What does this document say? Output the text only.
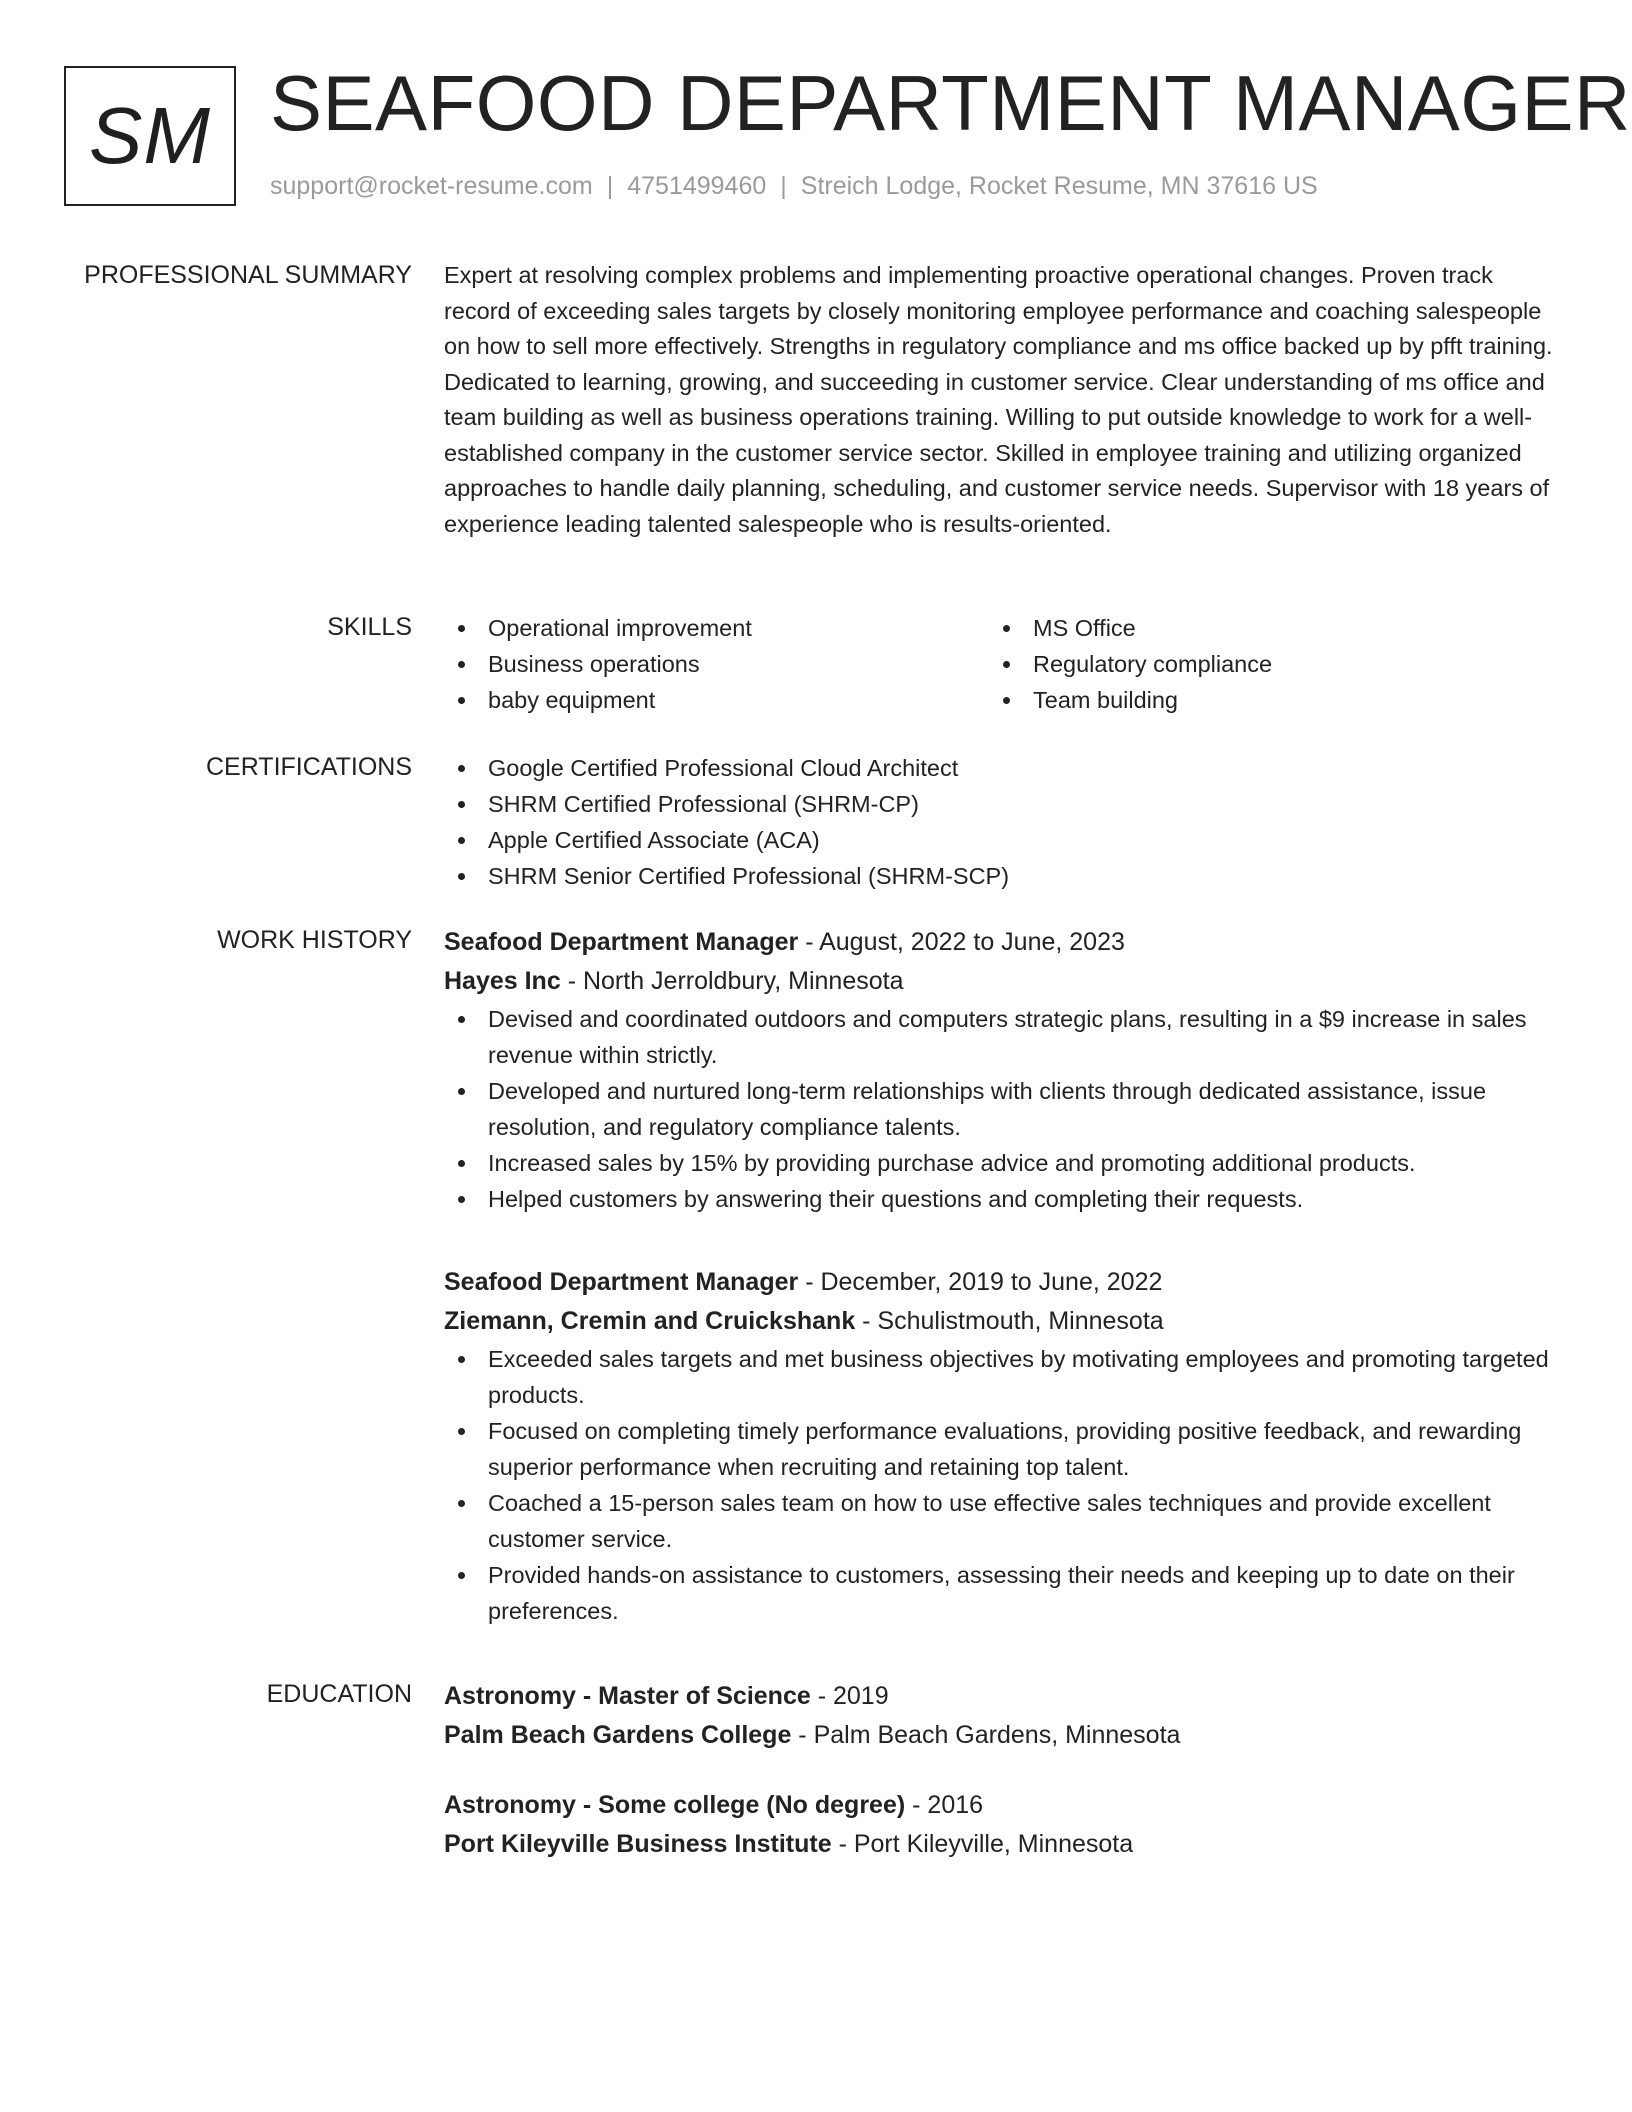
SM SEAFOOD DEPARTMENT MANAGER
support@rocket-resume.com | 4751499460 | Streich Lodge, Rocket Resume, MN 37616 US
PROFESSIONAL SUMMARY Expert at resolving complex problems and implementing proactive operational changes. Proven track record of exceeding sales targets by closely monitoring employee performance and coaching salespeople on how to sell more effectively. Strengths in regulatory compliance and ms office backed up by pfft training. Dedicated to learning, growing, and succeeding in customer service. Clear understanding of ms office and team building as well as business operations training. Willing to put outside knowledge to work for a well-established company in the customer service sector. Skilled in employee training and utilizing organized approaches to handle daily planning, scheduling, and customer service needs. Supervisor with 18 years of experience leading talented salespeople who is results-oriented.

SKILLS	Operational improvement
Business operations
baby equipment
MS Office
Regulatory compliance
Team building
CERTIFICATIONS	Google Certified Professional Cloud Architect
SHRM Certified Professional (SHRM-CP)
Apple Certified Associate (ACA)
SHRM Senior Certified Professional (SHRM-SCP)
WORK HISTORY Seafood Department Manager - August, 2022 to June, 2023
Hayes Inc - North Jerroldbury, Minnesota
Devised and coordinated outdoors and computers strategic plans, resulting in a $9 increase in sales revenue within strictly.
Developed and nurtured long-term relationships with clients through dedicated assistance, issue resolution, and regulatory compliance talents.
Increased sales by 15% by providing purchase advice and promoting additional products.
Helped customers by answering their questions and completing their requests.
Seafood Department Manager - December, 2019 to June, 2022
Ziemann, Cremin and Cruickshank - Schulistmouth, Minnesota
Exceeded sales targets and met business objectives by motivating employees and promoting targeted products.
Focused on completing timely performance evaluations, providing positive feedback, and rewarding superior performance when recruiting and retaining top talent.
Coached a 15-person sales team on how to use effective sales techniques and provide excellent customer service.
Provided hands-on assistance to customers, assessing their needs and keeping up to date on their preferences.
EDUCATION Astronomy - Master of Science - 2019
Palm Beach Gardens College - Palm Beach Gardens, Minnesota
Astronomy - Some college (No degree) - 2016
Port Kileyville Business Institute - Port Kileyville, Minnesota
